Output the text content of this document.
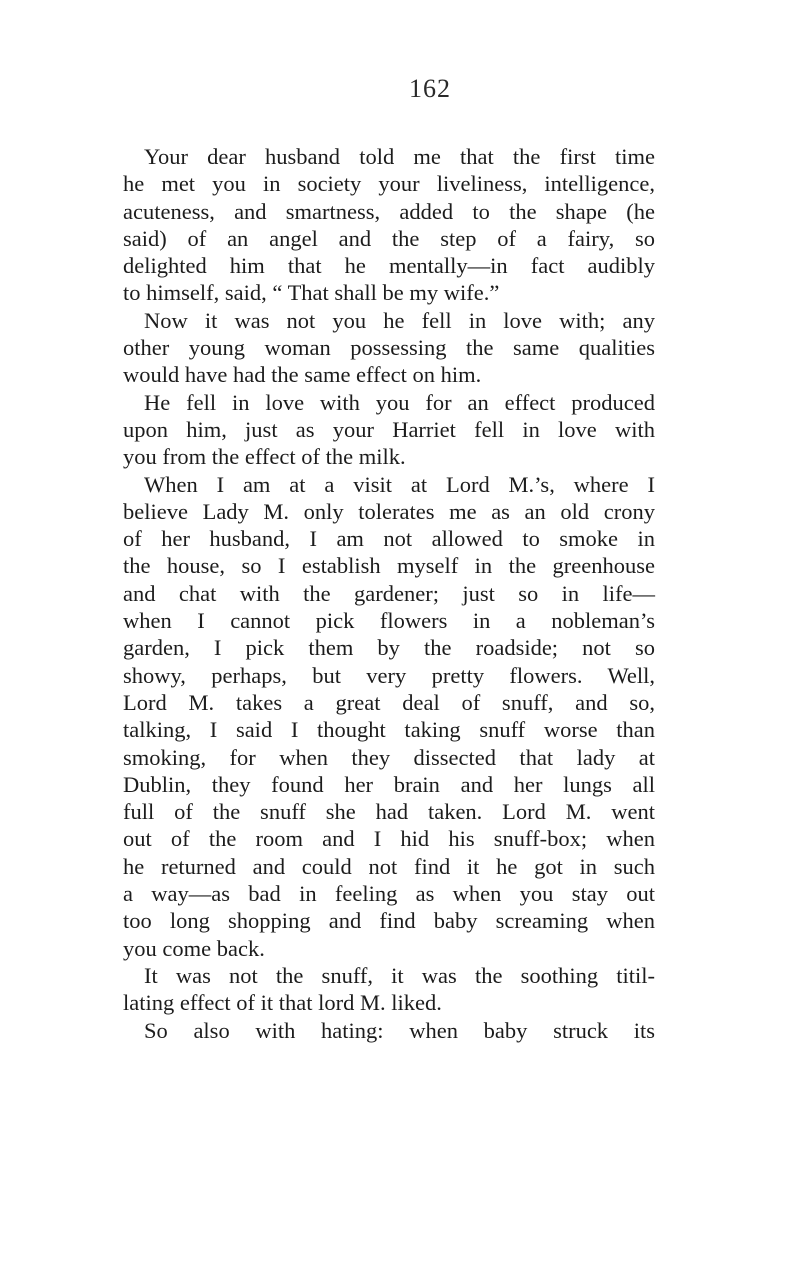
162
Your dear husband told me that the first time
he met you in society your liveliness, intelligence,
acuteness, and smartness, added to the shape (he
said) of an angel and the step of a fairy, so
delighted him that he mentally—in fact audibly
to himself, said, “ That shall be my wife.”
Now it was not you he fell in love with; any
other young woman possessing the same qualities
would have had the same effect on him.
He fell in love with you for an effect produced
upon him, just as your Harriet fell in love with
you from the effect of the milk.
When I am at a visit at Lord M.’s, where I
believe Lady M. only tolerates me as an old crony
of her husband, I am not allowed to smoke in
the house, so I establish myself in the greenhouse
and chat with the gardener; just so in life—
when I cannot pick flowers in a nobleman’s
garden, I pick them by the roadside; not so
showy, perhaps, but very pretty flowers. Well,
Lord M. takes a great deal of snuff, and so,
talking, I said I thought taking snuff worse than
smoking, for when they dissected that lady at
Dublin, they found her brain and her lungs all
full of the snuff she had taken. Lord M. went
out of the room and I hid his snuff-box; when
he returned and could not find it he got in such
a way—as bad in feeling as when you stay out
too long shopping and find baby screaming when
you come back.
It was not the snuff, it was the soothing titil-
lating effect of it that lord M. liked.
So also with hating: when baby struck its
